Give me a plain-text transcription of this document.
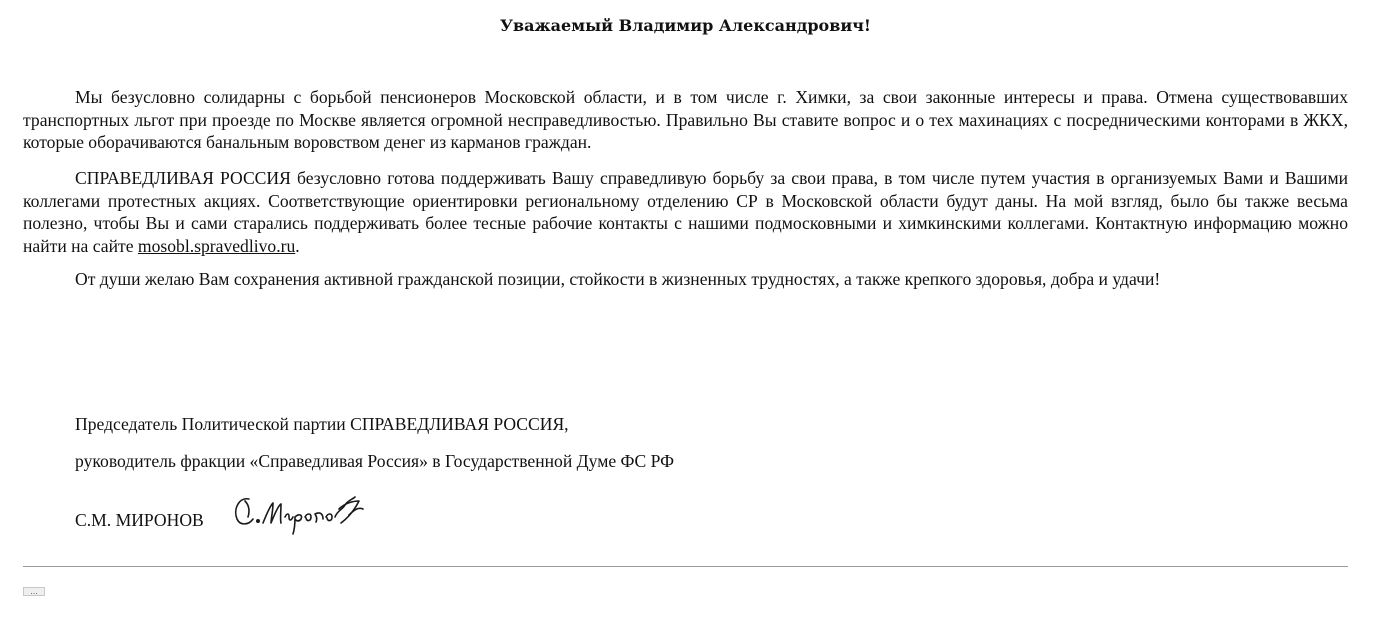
Уважаемый Владимир Александрович!

Мы безусловно солидарны с борьбой пенсионеров Московской области, и в том числе г. Химки, за свои законные интересы и права. Отмена существовавших транспортных льгот при проезде по Москве является огромной несправедливостью. Правильно Вы ставите вопрос и о тех махинациях с посредническими конторами в ЖКХ, которые оборачиваются банальным воровством денег из карманов граждан.

СПРАВЕДЛИВАЯ РОССИЯ безусловно готова поддерживать Вашу справедливую борьбу за свои права, в том числе путем участия в организуемых Вами и Вашими коллегами протестных акциях. Соответствующие ориентировки региональному отделению СР в Московской области будут даны. На мой взгляд, было бы также весьма полезно, чтобы Вы и сами старались поддерживать более тесные рабочие контакты с нашими подмосковными и химкинскими коллегами. Контактную информацию можно найти на сайте mosobl.spravedlivo.ru.

От души желаю Вам сохранения активной гражданской позиции, стойкости в жизненных трудностях, а также крепкого здоровья, добра и удачи!

Председатель Политической партии СПРАВЕДЛИВАЯ РОССИЯ,

руководитель фракции «Справедливая Россия» в Государственной Думе ФС РФ

С.М. МИРОНОВ

...
